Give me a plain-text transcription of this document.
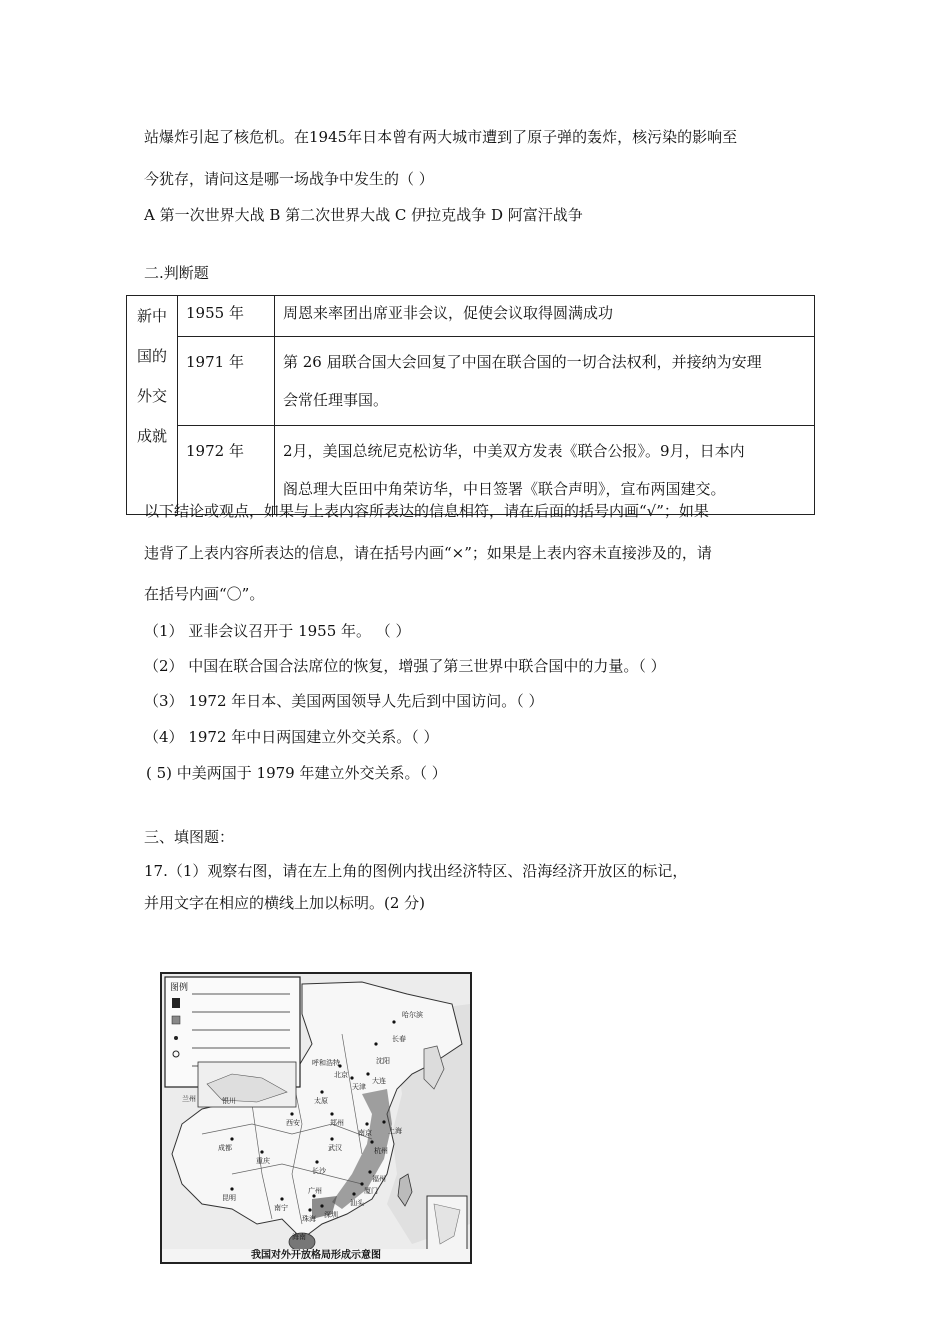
站爆炸引起了核危机。在1945年日本曾有两大城市遭到了原子弹的轰炸，核污染的影响至
今犹存，请问这是哪一场战争中发生的（ ）
A 第一次世界大战 B 第二次世界大战 C 伊拉克战争 D 阿富汗战争
二.判断题
新中
国的
外交
成就	1955 年	周恩来率团出席亚非会议，促使会议取得圆满成功

	1971 年	第 26 届联合国大会回复了中国在联合国的一切合法权利，并接纳为安理
会常任理事国。

	1972 年	2月，美国总统尼克松访华，中美双方发表《联合公报》。9月，日本内
阁总理大臣田中角荣访华，中日签署《联合声明》，宣布两国建交。
以下结论或观点，如果与上表内容所表达的信息相符，请在后面的括号内画“√”；如果
违背了上表内容所表达的信息，请在括号内画“×”；如果是上表内容未直接涉及的，请
在括号内画“〇”。
（1） 亚非会议召开于 1955 年。 （ ）
（2） 中国在联合国合法席位的恢复，增强了第三世界中联合国中的力量。（ ）
（3） 1972 年日本、美国两国领导人先后到中国访问。（ ）
（4） 1972 年中日两国建立外交关系。（ ）
( 5) 中美两国于 1979 年建立外交关系。（ ）
三、填图题：
17.（1）观察右图，请在左上角的图例内找出经济特区、沿海经济开放区的标记，
并用文字在相应的横线上加以标明。(2 分)
图例
我国对外开放格局形成示意图
长春
沈阳
北京
天津
大连
太原
郑州
西安
上海
南京
杭州
武汉
成都
重庆
长沙
福州
昆明
南宁
广州
深圳
珠海
汕头
厦门
海南
兰州	银川
呼和浩特
哈尔滨
